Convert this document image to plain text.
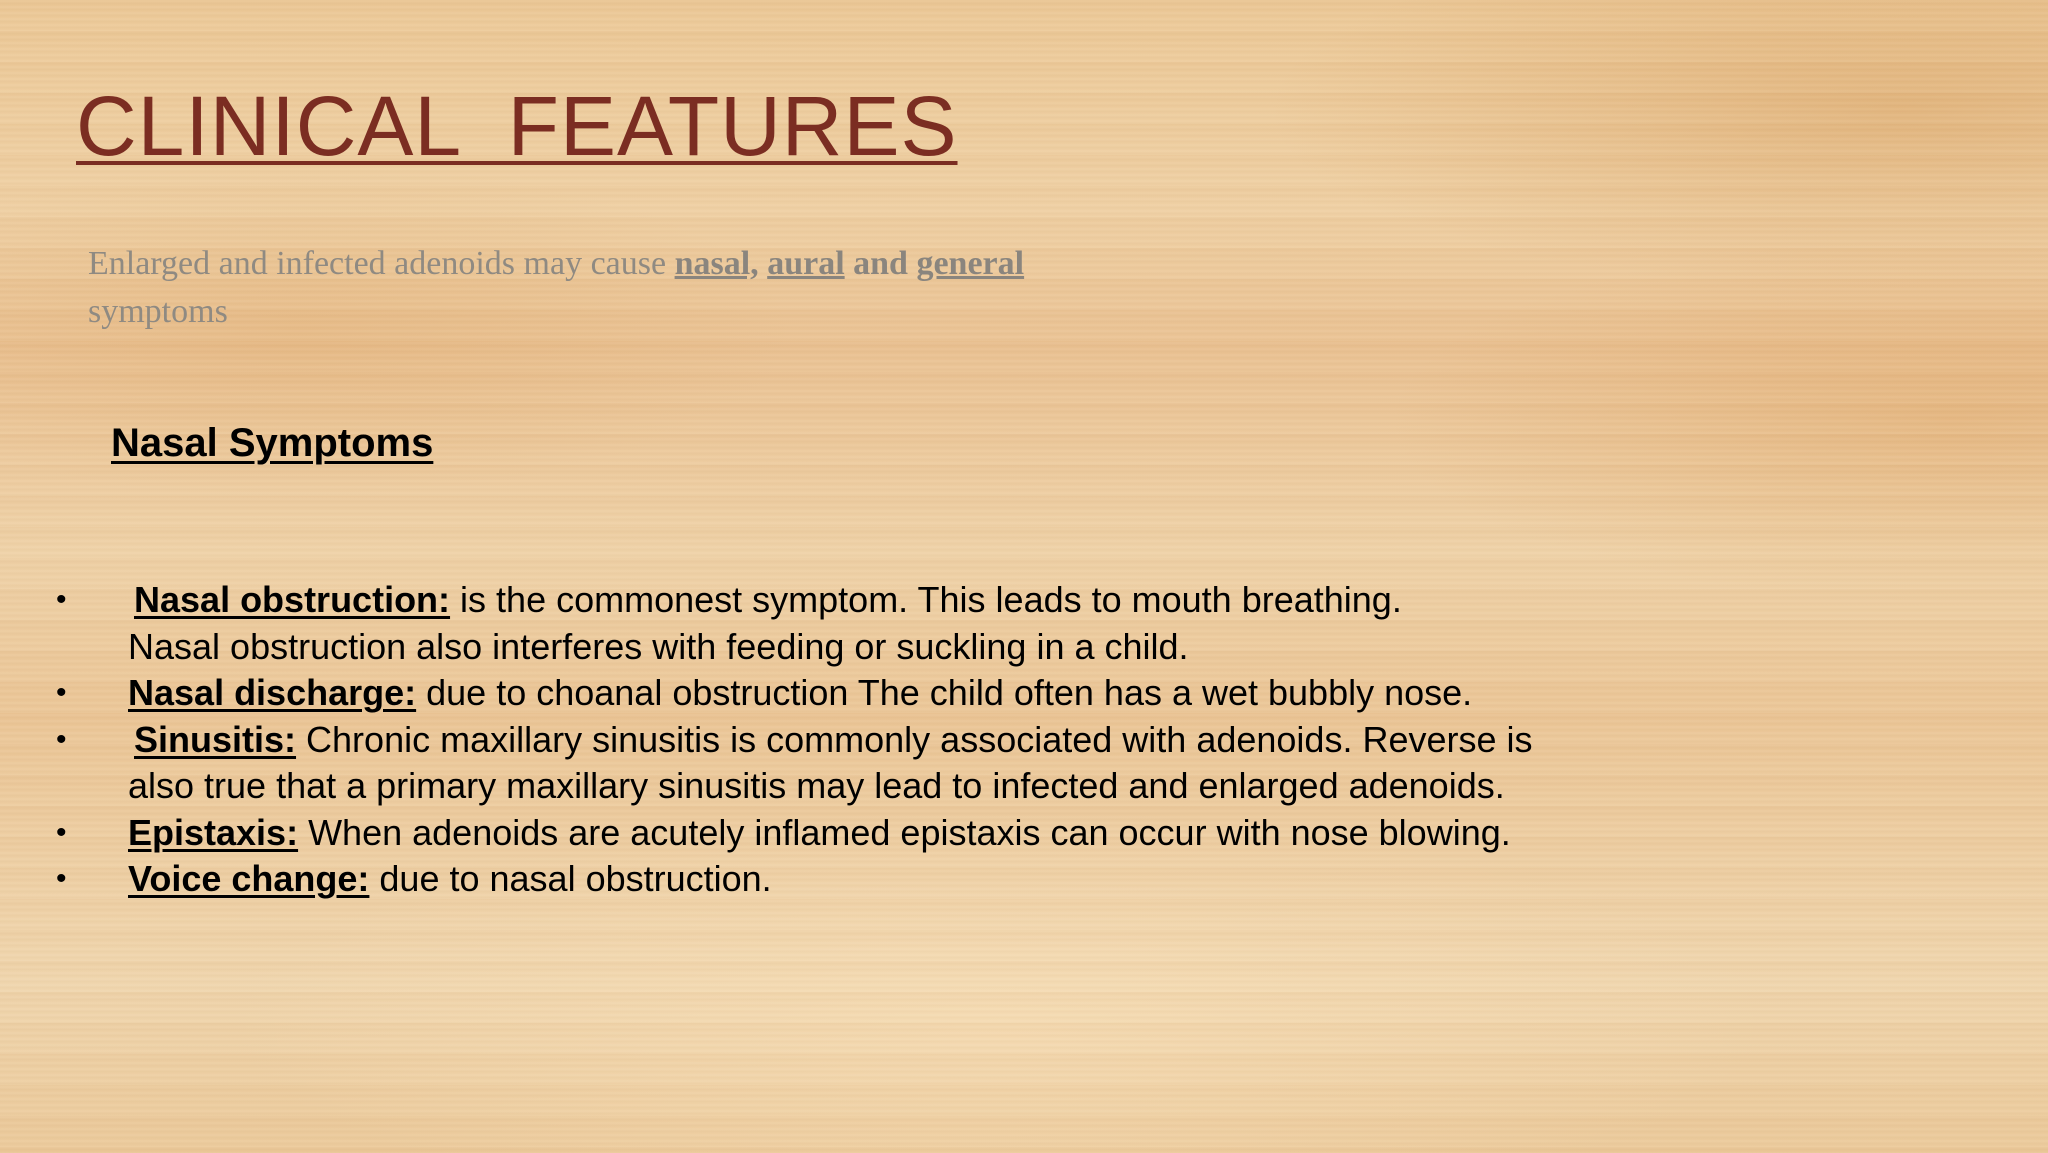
CLINICAL  FEATURES
Enlarged and infected adenoids may cause nasal, aural and general
symptoms
Nasal Symptoms
• Nasal obstruction: is the commonest symptom. This leads to mouth breathing.
Nasal obstruction also interferes with feeding or suckling in a child.
• Nasal discharge: due to choanal obstruction The child often has a wet bubbly nose.
• Sinusitis: Chronic maxillary sinusitis is commonly associated with adenoids. Reverse is
also true that a primary maxillary sinusitis may lead to infected and enlarged adenoids.
• Epistaxis: When adenoids are acutely inflamed epistaxis can occur with nose blowing.
• Voice change: due to nasal obstruction.
